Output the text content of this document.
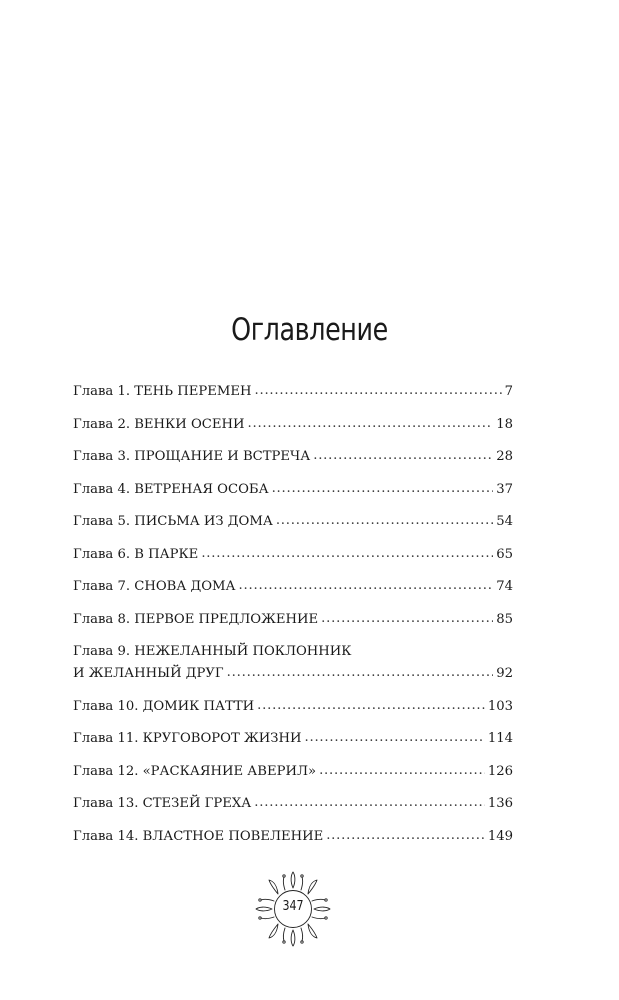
Оглавление
Глава 1. ТЕНЬ ПЕРЕМЕН . . .	7
Глава 2. ВЕНКИ ОСЕНИ . . .	18
Глава 3. ПРОЩАНИЕ И ВСТРЕЧА . . .	28
Глава 4. ВЕТРЕНАЯ ОСОБА . . .	37
Глава 5. ПИСЬМА ИЗ ДОМА . . .	54
Глава 6. В ПАРКЕ . . .	65
Глава 7. СНОВА ДОМА . . .	74
Глава 8. ПЕРВОЕ ПРЕДЛОЖЕНИЕ . . .	85
Глава 9. НЕЖЕЛАННЫЙ ПОКЛОННИК
И ЖЕЛАННЫЙ ДРУГ . . .	92
Глава 10. ДОМИК ПАТТИ . . .	103
Глава 11. КРУГОВОРОТ ЖИЗНИ . . .	114
Глава 12. «РАСКАЯНИЕ АВЕРИЛ» . . .	126
Глава 13. СТЕЗЕЙ ГРЕХА . . .	136
Глава 14. ВЛАСТНОЕ ПОВЕЛЕНИЕ . . .	149
347
